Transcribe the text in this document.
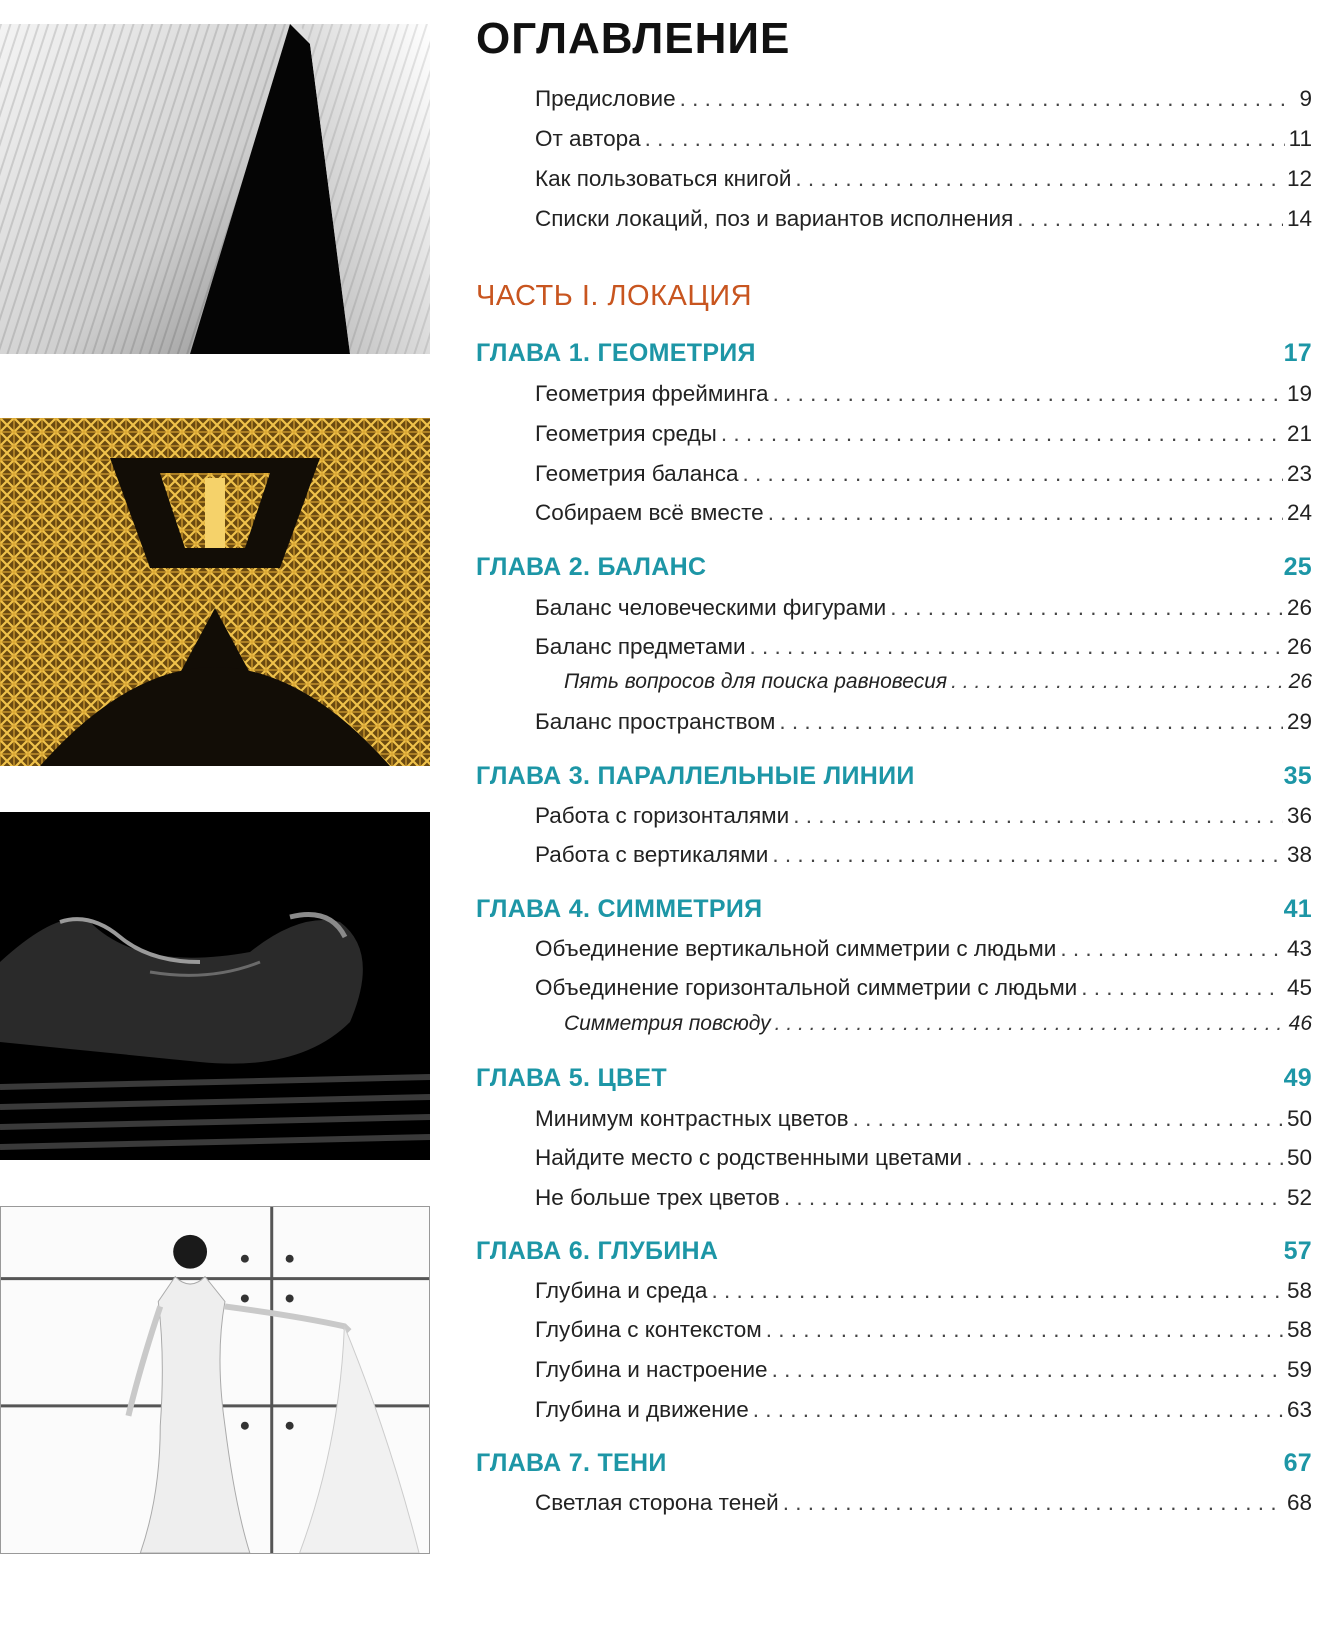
ОГЛАВЛЕНИЕ
Предисловие . . .	9
От автора . . .	11
Как пользоваться книгой . . .	12
Списки локаций, поз и вариантов исполнения . . .	14
ЧАСТЬ I. ЛОКАЦИЯ
ГЛАВА 1. ГЕОМЕТРИЯ	17
Геометрия фрейминга . . .	19
Геометрия среды . . .	21
Геометрия баланса . . .	23
Собираем всё вместе . . .	24
ГЛАВА 2. БАЛАНС	25
Баланс человеческими фигурами . . .	26
Баланс предметами . . .	26
Пять вопросов для поиска равновесия . . .	26
Баланс пространством . . .	29
ГЛАВА 3. ПАРАЛЛЕЛЬНЫЕ ЛИНИИ	35
Работа с горизонталями . . .	36
Работа с вертикалями . . .	38
ГЛАВА 4. СИММЕТРИЯ	41
Объединение вертикальной симметрии с людьми . . .	43
Объединение горизонтальной симметрии с людьми . . .	45
Симметрия повсюду . . .	46
ГЛАВА 5. ЦВЕТ	49
Минимум контрастных цветов . . .	50
Найдите место с родственными цветами . . .	50
Не больше трех цветов . . .	52
ГЛАВА 6. ГЛУБИНА	57
Глубина и среда . . .	58
Глубина с контекстом . . .	58
Глубина и настроение . . .	59
Глубина и движение . . .	63
ГЛАВА 7. ТЕНИ	67
Светлая сторона теней . . .	68
